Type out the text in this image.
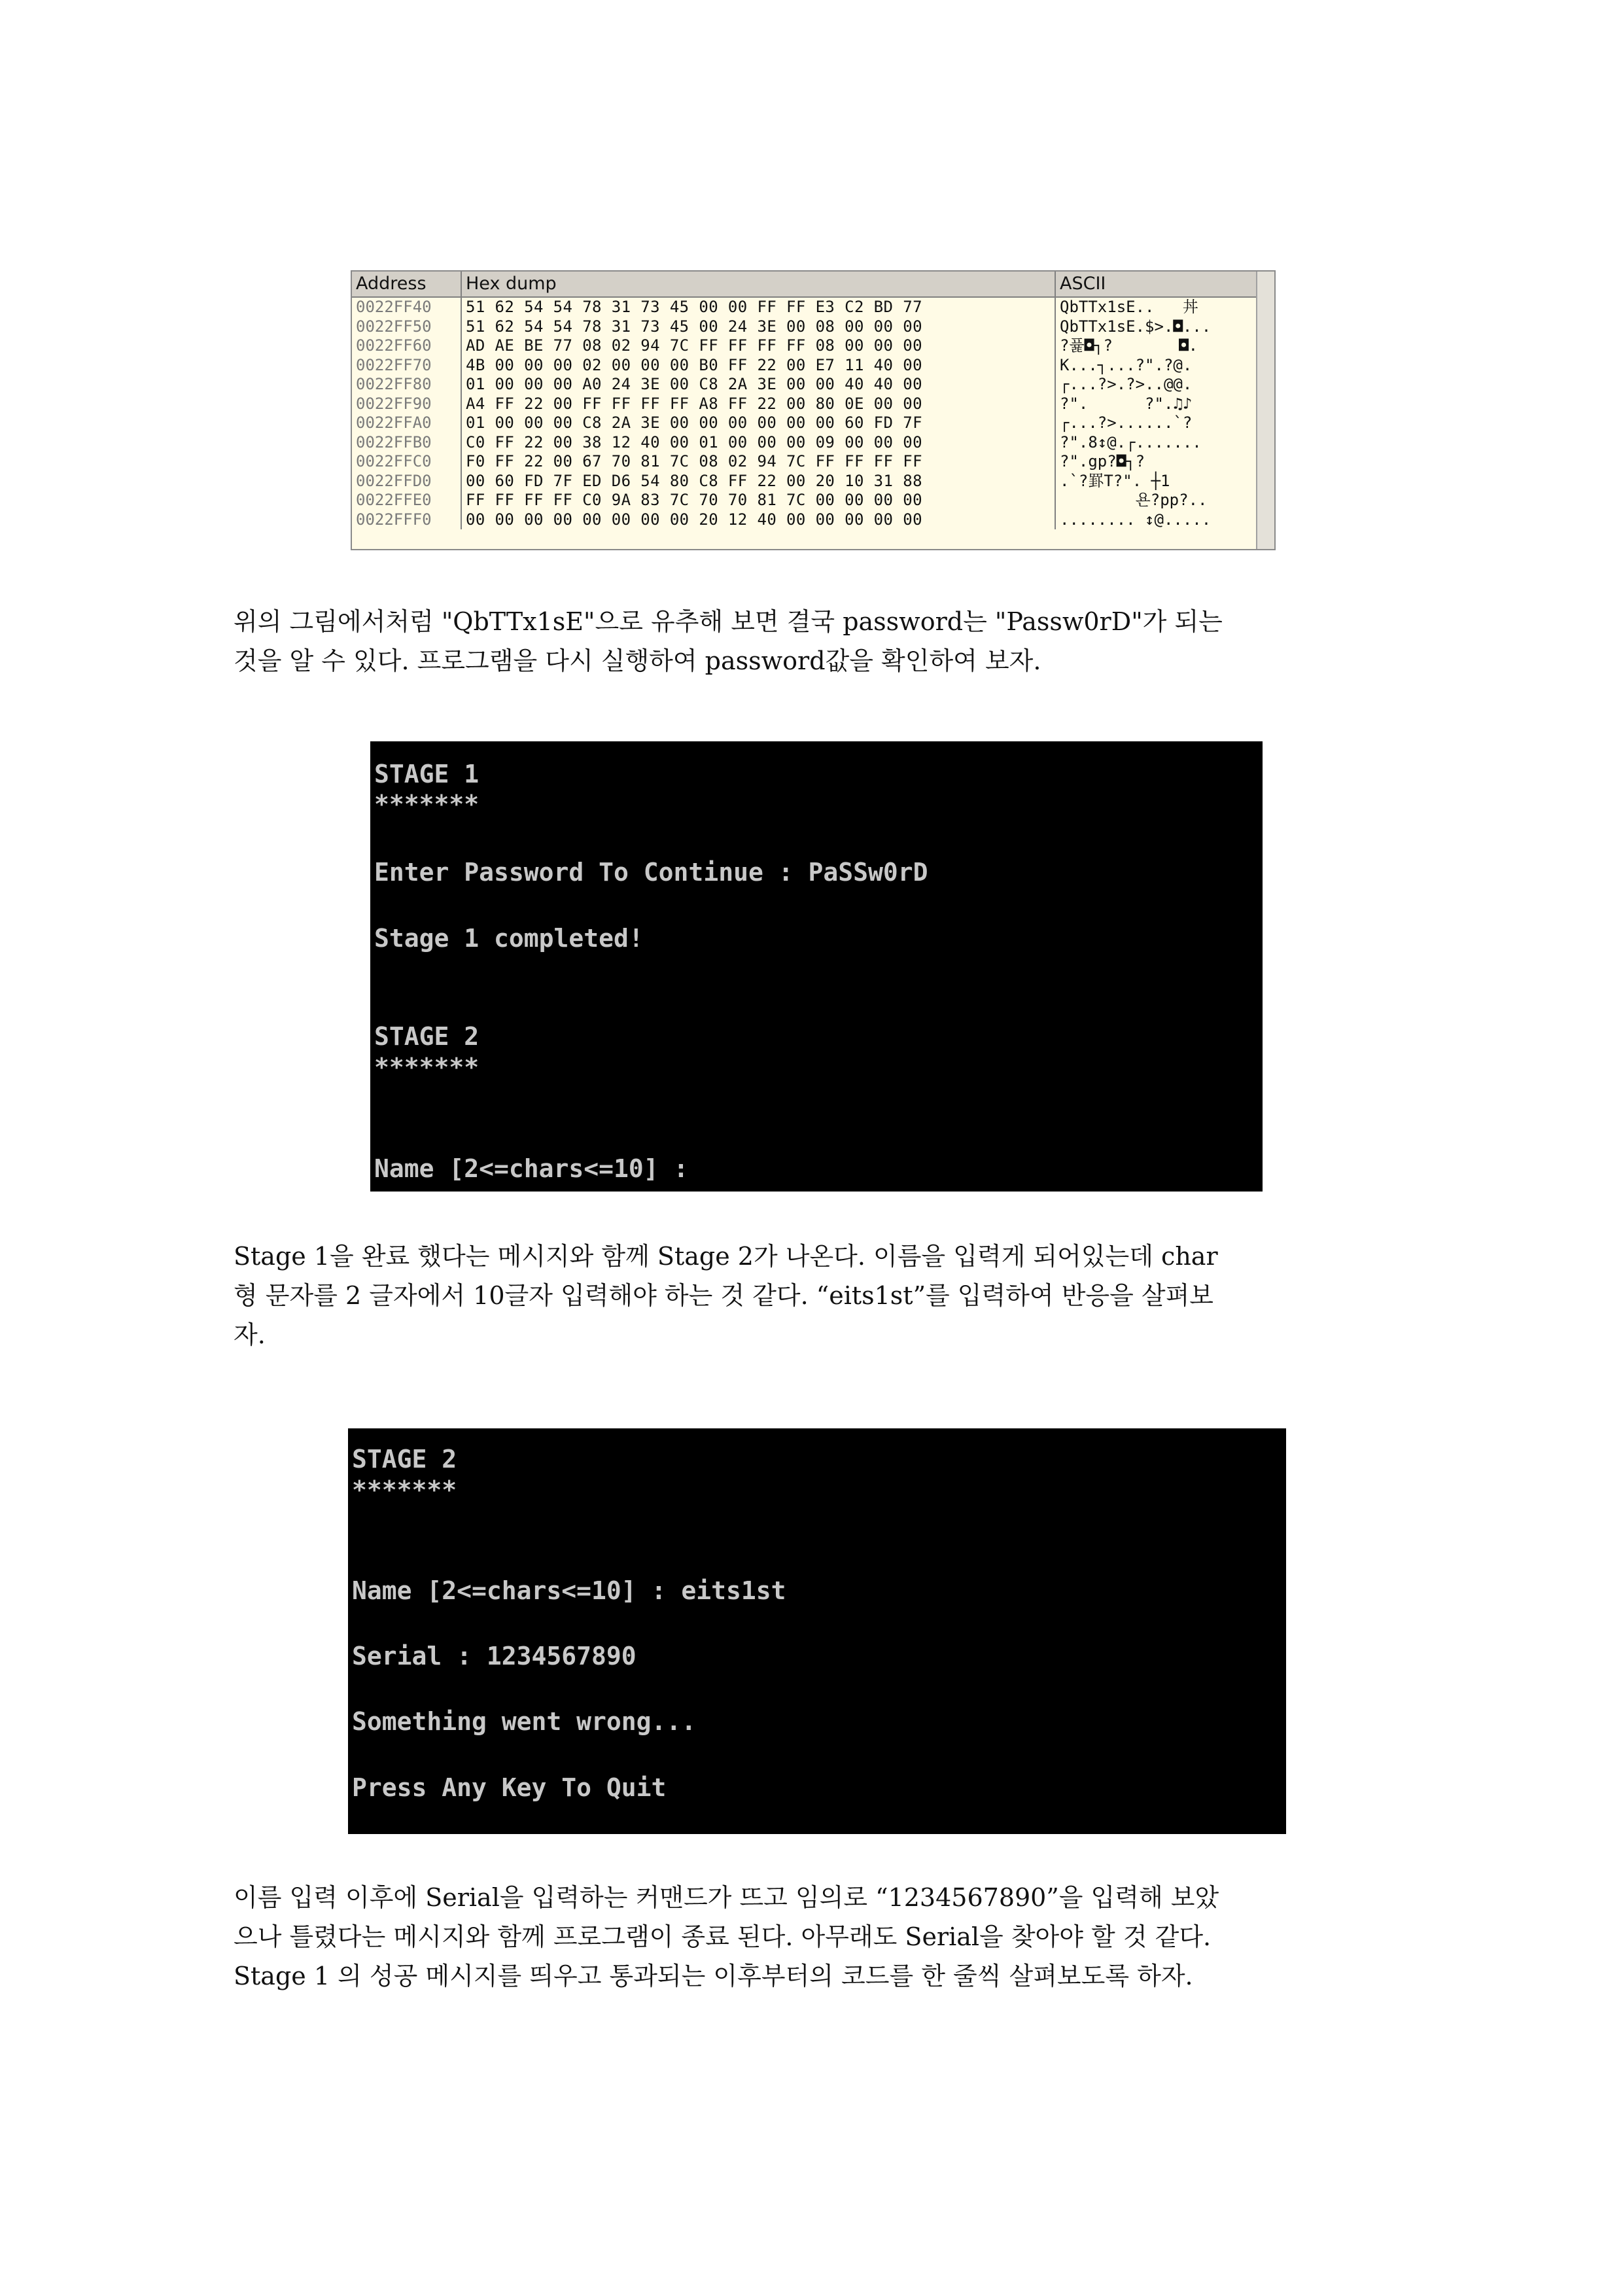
Address	Hex dump	ASCII
0022FF40	51 62 54 54 78 31 73 45 00 00 FF FF E3 C2 BD 77	QbTTx1sE..   丼
0022FF50	51 62 54 54 78 31 73 45 00 24 3E 00 08 00 00 00	QbTTx1sE.$>.◘...
0022FF60	AD AE BE 77 08 02 94 7C FF FF FF FF 08 00 00 00	?퓵◘┐?       ◘.
0022FF70	4B 00 00 00 02 00 00 00 B0 FF 22 00 E7 11 40 00	K...┐...?".?@.
0022FF80	01 00 00 00 A0 24 3E 00 C8 2A 3E 00 00 40 40 00	┌...?>.?>..@@.
0022FF90	A4 FF 22 00 FF FF FF FF A8 FF 22 00 80 0E 00 00	?".      ?".♫♪
0022FFA0	01 00 00 00 C8 2A 3E 00 00 00 00 00 00 60 FD 7F	┌...?>......`?
0022FFB0	C0 FF 22 00 38 12 40 00 01 00 00 00 09 00 00 00	?".8↕@.┌.......
0022FFC0	F0 FF 22 00 67 70 81 7C 08 02 94 7C FF FF FF FF	?".gp?◘┐?
0022FFD0	00 60 FD 7F ED D6 54 80 C8 FF 22 00 20 10 31 88	.`?罫T?". ┼1
0022FFE0	FF FF FF FF C0 9A 83 7C 70 70 81 7C 00 00 00 00	욘?pp?..
0022FFF0	00 00 00 00 00 00 00 00 20 12 40 00 00 00 00 00	........ ↕@.....
위의 그림에서처럼 "QbTTx1sE"으로 유추해 보면 결국 password는 "Passw0rD"가 되는
것을 알 수 있다. 프로그램을 다시 실행하여 password값을 확인하여 보자.
STAGE 1
*******
Enter Password To Continue : PaSSw0rD
Stage 1 completed!
STAGE 2
*******
Name [2<=chars<=10] :
Stage 1을 완료 했다는 메시지와 함께 Stage 2가 나온다. 이름을 입력게 되어있는데 char
형 문자를 2 글자에서 10글자 입력해야 하는 것 같다. “eits1st”를 입력하여 반응을 살펴보
자.
STAGE 2
*******
Name [2<=chars<=10] : eits1st
Serial : 1234567890
Something went wrong...
Press Any Key To Quit
이름 입력 이후에 Serial을 입력하는 커맨드가 뜨고 임의로 “1234567890”을 입력해 보았
으나 틀렸다는 메시지와 함께 프로그램이 종료 된다. 아무래도 Serial을 찾아야 할 것 같다.
Stage 1 의 성공 메시지를 띄우고 통과되는 이후부터의 코드를 한 줄씩 살펴보도록 하자.
